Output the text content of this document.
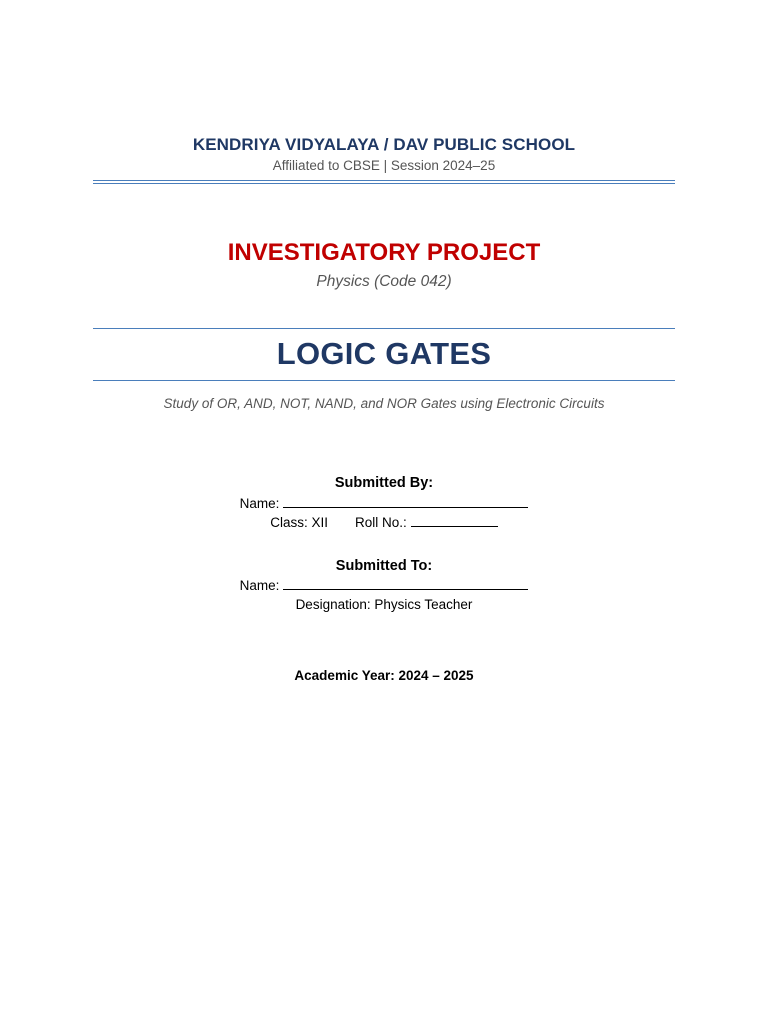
KENDRIYA VIDYALAYA / DAV PUBLIC SCHOOL
Affiliated to CBSE | Session 2024–25
INVESTIGATORY PROJECT
Physics (Code 042)
LOGIC GATES
Study of OR, AND, NOT, NAND, and NOR Gates using Electronic Circuits
Submitted By:
Name:
Class: XII Roll No.:
Submitted To:
Name:
Designation: Physics Teacher
Academic Year: 2024 – 2025
